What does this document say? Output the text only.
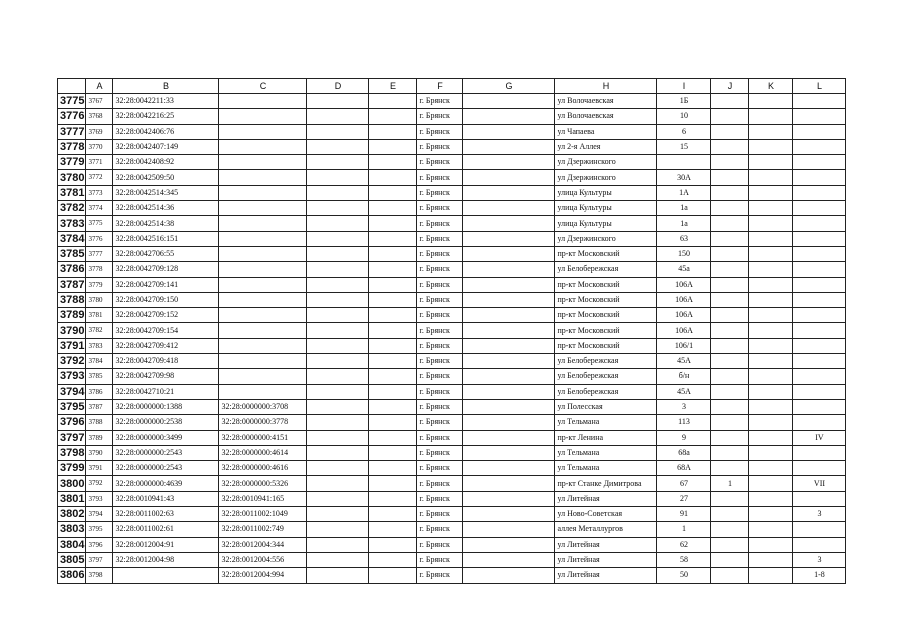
	A	B	C	D	E	F	G	H	I	J	K	L
3775	3767	32:28:0042211:33				г. Брянск		ул Волочаевская	1Б			
3776	3768	32:28:0042216:25				г. Брянск		ул Волочаевская	10			
3777	3769	32:28:0042406:76				г. Брянск		ул Чапаева	6			
3778	3770	32:28:0042407:149				г. Брянск		ул 2-я Аллея	15			
3779	3771	32:28:0042408:92				г. Брянск		ул Дзержинского				
3780	3772	32:28:0042509:50				г. Брянск		ул Дзержинского	30А			
3781	3773	32:28:0042514:345				г. Брянск		улица Культуры	1А			
3782	3774	32:28:0042514:36				г. Брянск		улица Культуры	1а			
3783	3775	32:28:0042514:38				г. Брянск		улица Культуры	1а			
3784	3776	32:28:0042516:151				г. Брянск		ул Дзержинского	63			
3785	3777	32:28:0042706:55				г. Брянск		пр-кт Московский	150			
3786	3778	32:28:0042709:128				г. Брянск		ул Белобережская	45а			
3787	3779	32:28:0042709:141				г. Брянск		пр-кт Московский	106А			
3788	3780	32:28:0042709:150				г. Брянск		пр-кт Московский	106А			
3789	3781	32:28:0042709:152				г. Брянск		пр-кт Московский	106А			
3790	3782	32:28:0042709:154				г. Брянск		пр-кт Московский	106А			
3791	3783	32:28:0042709:412				г. Брянск		пр-кт Московский	106/1			
3792	3784	32:28:0042709:418				г. Брянск		ул Белобережская	45А			
3793	3785	32:28:0042709:98				г. Брянск		ул Белобережская	б/н			
3794	3786	32:28:0042710:21				г. Брянск		ул Белобережская	45А			
3795	3787	32:28:0000000:1388	32:28:0000000:3708			г. Брянск		ул Полесская	3			
3796	3788	32:28:0000000:2538	32:28:0000000:3778			г. Брянск		ул Тельмана	113			
3797	3789	32:28:0000000:3499	32:28:0000000:4151			г. Брянск		пр-кт Ленина	9			IV
3798	3790	32:28:0000000:2543	32:28:0000000:4614			г. Брянск		ул Тельмана	68а			
3799	3791	32:28:0000000:2543	32:28:0000000:4616			г. Брянск		ул Тельмана	68А			
3800	3792	32:28:0000000:4639	32:28:0000000:5326			г. Брянск		пр-кт Станке Димитрова	67	1		VII
3801	3793	32:28:0010941:43	32:28:0010941:165			г. Брянск		ул Литейная	27			
3802	3794	32:28:0011002:63	32:28:0011002:1049			г. Брянск		ул Ново-Советская	91			3
3803	3795	32:28:0011002:61	32:28:0011002:749			г. Брянск		аллея Металлургов	1			
3804	3796	32:28:0012004:91	32:28:0012004:344			г. Брянск		ул Литейная	62			
3805	3797	32:28:0012004:98	32:28:0012004:556			г. Брянск		ул Литейная	58			3
3806	3798		32:28:0012004:994			г. Брянск		ул Литейная	50			1-8
